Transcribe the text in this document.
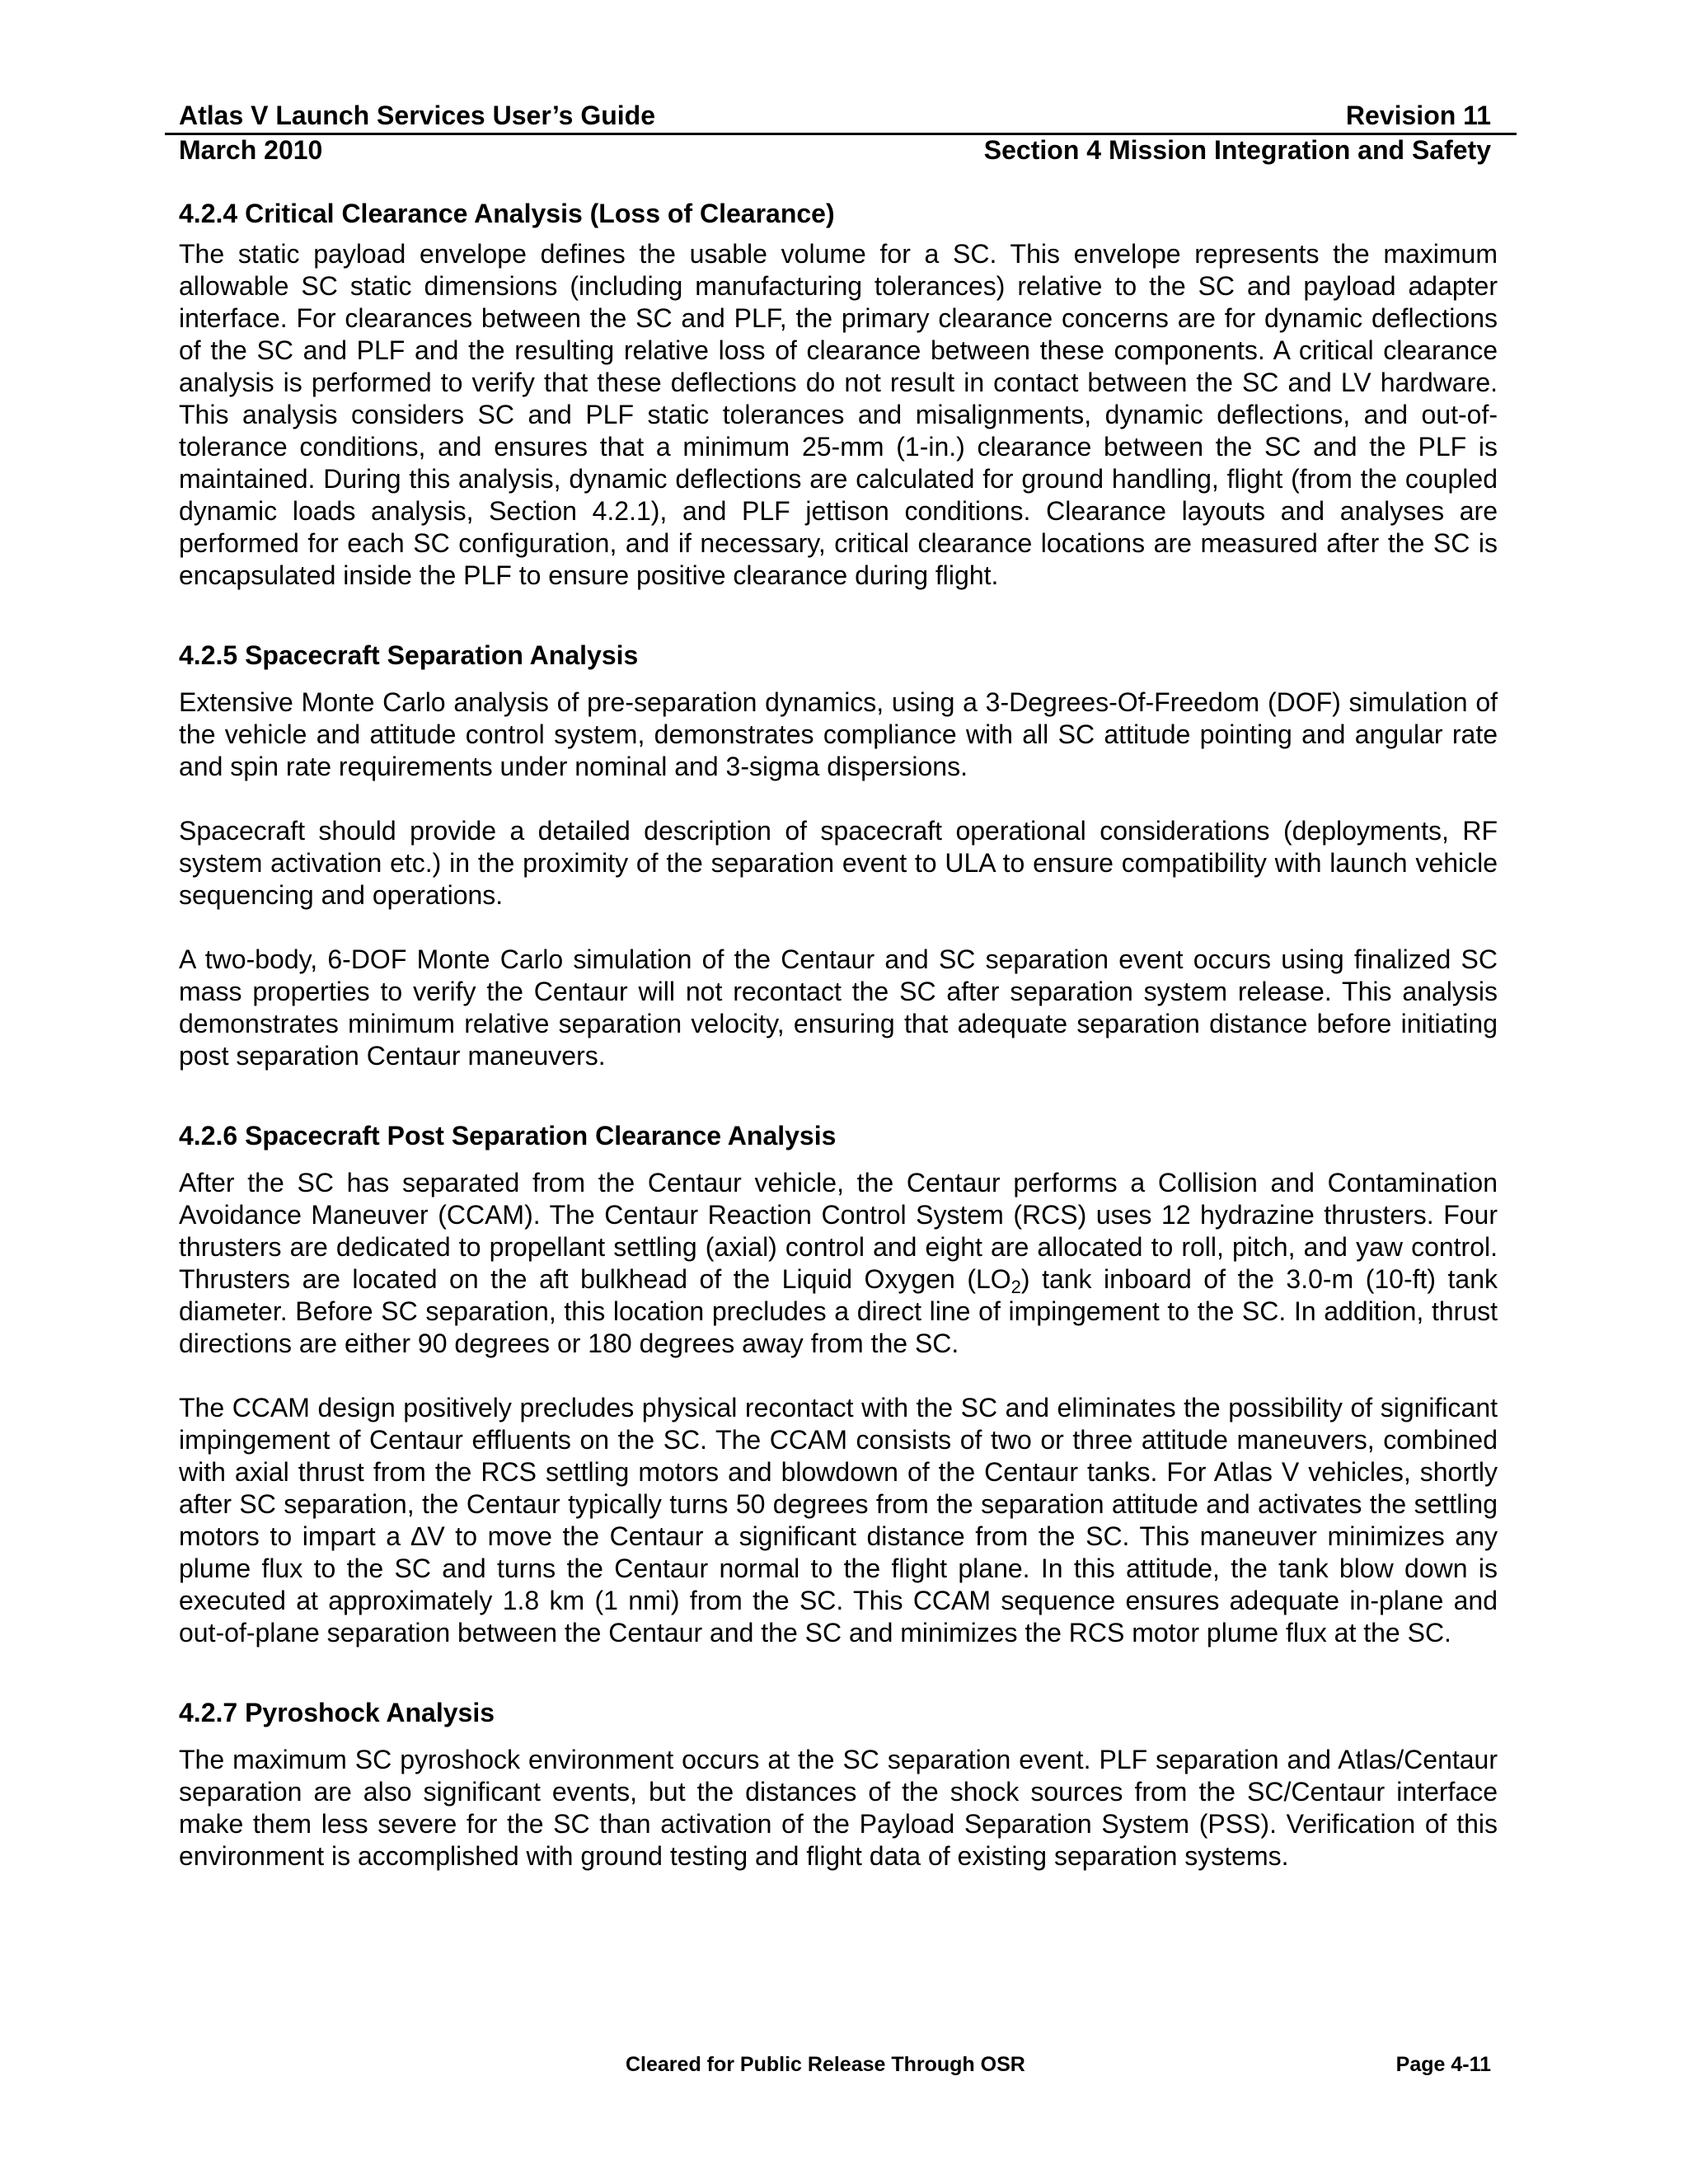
Atlas V Launch Services User’s Guide	Revision 11
March 2010	Section 4 Mission Integration and Safety

4.2.4 Critical Clearance Analysis (Loss of Clearance)

The static payload envelope defines the usable volume for a SC. This envelope represents the maximum allowable SC static dimensions (including manufacturing tolerances) relative to the SC and payload adapter interface. For clearances between the SC and PLF, the primary clearance concerns are for dynamic deflections of the SC and PLF and the resulting relative loss of clearance between these components. A critical clearance analysis is performed to verify that these deflections do not result in contact between the SC and LV hardware. This analysis considers SC and PLF static tolerances and misalignments, dynamic deflections, and out-of-tolerance conditions, and ensures that a minimum 25-mm (1-in.) clearance between the SC and the PLF is maintained. During this analysis, dynamic deflections are calculated for ground handling, flight (from the coupled dynamic loads analysis, Section 4.2.1), and PLF jettison conditions. Clearance layouts and analyses are performed for each SC configuration, and if necessary, critical clearance locations are measured after the SC is encapsulated inside the PLF to ensure positive clearance during flight.

4.2.5 Spacecraft Separation Analysis

Extensive Monte Carlo analysis of pre-separation dynamics, using a 3-Degrees-Of-Freedom (DOF) simulation of the vehicle and attitude control system, demonstrates compliance with all SC attitude pointing and angular rate and spin rate requirements under nominal and 3-sigma dispersions.

Spacecraft should provide a detailed description of spacecraft operational considerations (deployments, RF system activation etc.) in the proximity of the separation event to ULA to ensure compatibility with launch vehicle sequencing and operations.

A two-body, 6-DOF Monte Carlo simulation of the Centaur and SC separation event occurs using finalized SC mass properties to verify the Centaur will not recontact the SC after separation system release. This analysis demonstrates minimum relative separation velocity, ensuring that adequate separation distance before initiating post separation Centaur maneuvers.

4.2.6 Spacecraft Post Separation Clearance Analysis

After the SC has separated from the Centaur vehicle, the Centaur performs a Collision and Contamination Avoidance Maneuver (CCAM). The Centaur Reaction Control System (RCS) uses 12 hydrazine thrusters. Four thrusters are dedicated to propellant settling (axial) control and eight are allocated to roll, pitch, and yaw control. Thrusters are located on the aft bulkhead of the Liquid Oxygen $(LO_2)$ tank inboard of the 3.0-m (10-ft) tank diameter. Before SC separation, this location precludes a direct line of impingement to the SC. In addition, thrust directions are either 90 degrees or 180 degrees away from the SC.

The CCAM design positively precludes physical recontact with the SC and eliminates the possibility of significant impingement of Centaur effluents on the SC. The CCAM consists of two or three attitude maneuvers, combined with axial thrust from the RCS settling motors and blowdown of the Centaur tanks. For Atlas V vehicles, shortly after SC separation, the Centaur typically turns 50 degrees from the separation attitude and activates the settling motors to impart a ∆V to move the Centaur a significant distance from the SC. This maneuver minimizes any plume flux to the SC and turns the Centaur normal to the flight plane. In this attitude, the tank blow down is executed at approximately 1.8 km (1 nmi) from the SC. This CCAM sequence ensures adequate in-plane and out-of-plane separation between the Centaur and the SC and minimizes the RCS motor plume flux at the SC.

4.2.7 Pyroshock Analysis

The maximum SC pyroshock environment occurs at the SC separation event. PLF separation and Atlas/Centaur separation are also significant events, but the distances of the shock sources from the SC/Centaur interface make them less severe for the SC than activation of the Payload Separation System (PSS). Verification of this environment is accomplished with ground testing and flight data of existing separation systems.

Cleared for Public Release Through OSR	Page 4-11
